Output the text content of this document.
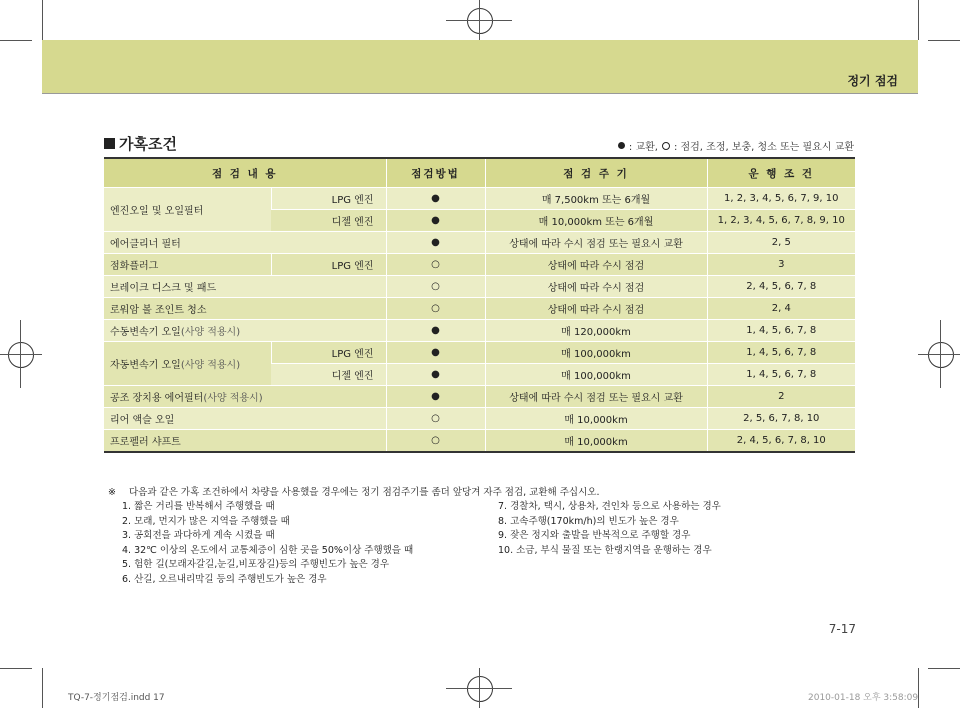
정기 점검
가혹조건	: 교환, : 점검, 조정, 보충, 청소 또는 필요시 교환
점 검 내 용		점검방법	점 검 주 기	운 행 조 건
엔진오일 및 오일필터	LPG 엔진	●	매 7,500km 또는 6개월	1, 2, 3, 4, 5, 6, 7, 9, 10
	디젤 엔진	●	매 10,000km 또는 6개월	1, 2, 3, 4, 5, 6, 7, 8, 9, 10
에어클리너 필터		●	상태에 따라 수시 점검 또는 필요시 교환	2, 5
점화플러그	LPG 엔진	○	상태에 따라 수시 점검	3
브레이크 디스크 및 패드		○	상태에 따라 수시 점검	2, 4, 5, 6, 7, 8
로워암 볼 조인트 청소		○	상태에 따라 수시 점검	2, 4
수동변속기 오일(사양 적용시)		●	매 120,000km	1, 4, 5, 6, 7, 8
자동변속기 오일(사양 적용시)	LPG 엔진	●	매 100,000km	1, 4, 5, 6, 7, 8
	디젤 엔진	●	매 100,000km	1, 4, 5, 6, 7, 8
공조 장치용 에어필터(사양 적용시)		●	상태에 따라 수시 점검 또는 필요시 교환	2
리어 액슬 오일		○	매 10,000km	2, 5, 6, 7, 8, 10
프로펠러 샤프트		○	매 10,000km	2, 4, 5, 6, 7, 8, 10
※ 다음과 같은 가혹 조건하에서 차량을 사용했을 경우에는 정기 점검주기를 좀더 앞당겨 자주 점검, 교환해 주십시오.
1. 짧은 거리를 반복해서 주행했을 때
2. 모래, 먼지가 많은 지역을 주행했을 때
3. 공회전을 과다하게 계속 시켰을 때
4. 32℃ 이상의 온도에서 교통체증이 심한 곳을 50%이상 주행했을 때
5. 험한 길(모래자갈길,눈길,비포장길)등의 주행빈도가 높은 경우
6. 산길, 오르내리막길 등의 주행빈도가 높은 경우
7. 경찰차, 택시, 상용차, 견인차 등으로 사용하는 경우
8. 고속주행(170km/h)의 빈도가 높은 경우
9. 잦은 정지와 출발을 반복적으로 주행할 경우
10. 소금, 부식 물질 또는 한랭지역을 운행하는 경우
7-17
TQ-7-정기점검.indd 17	2010-01-18 오후 3:58:09
